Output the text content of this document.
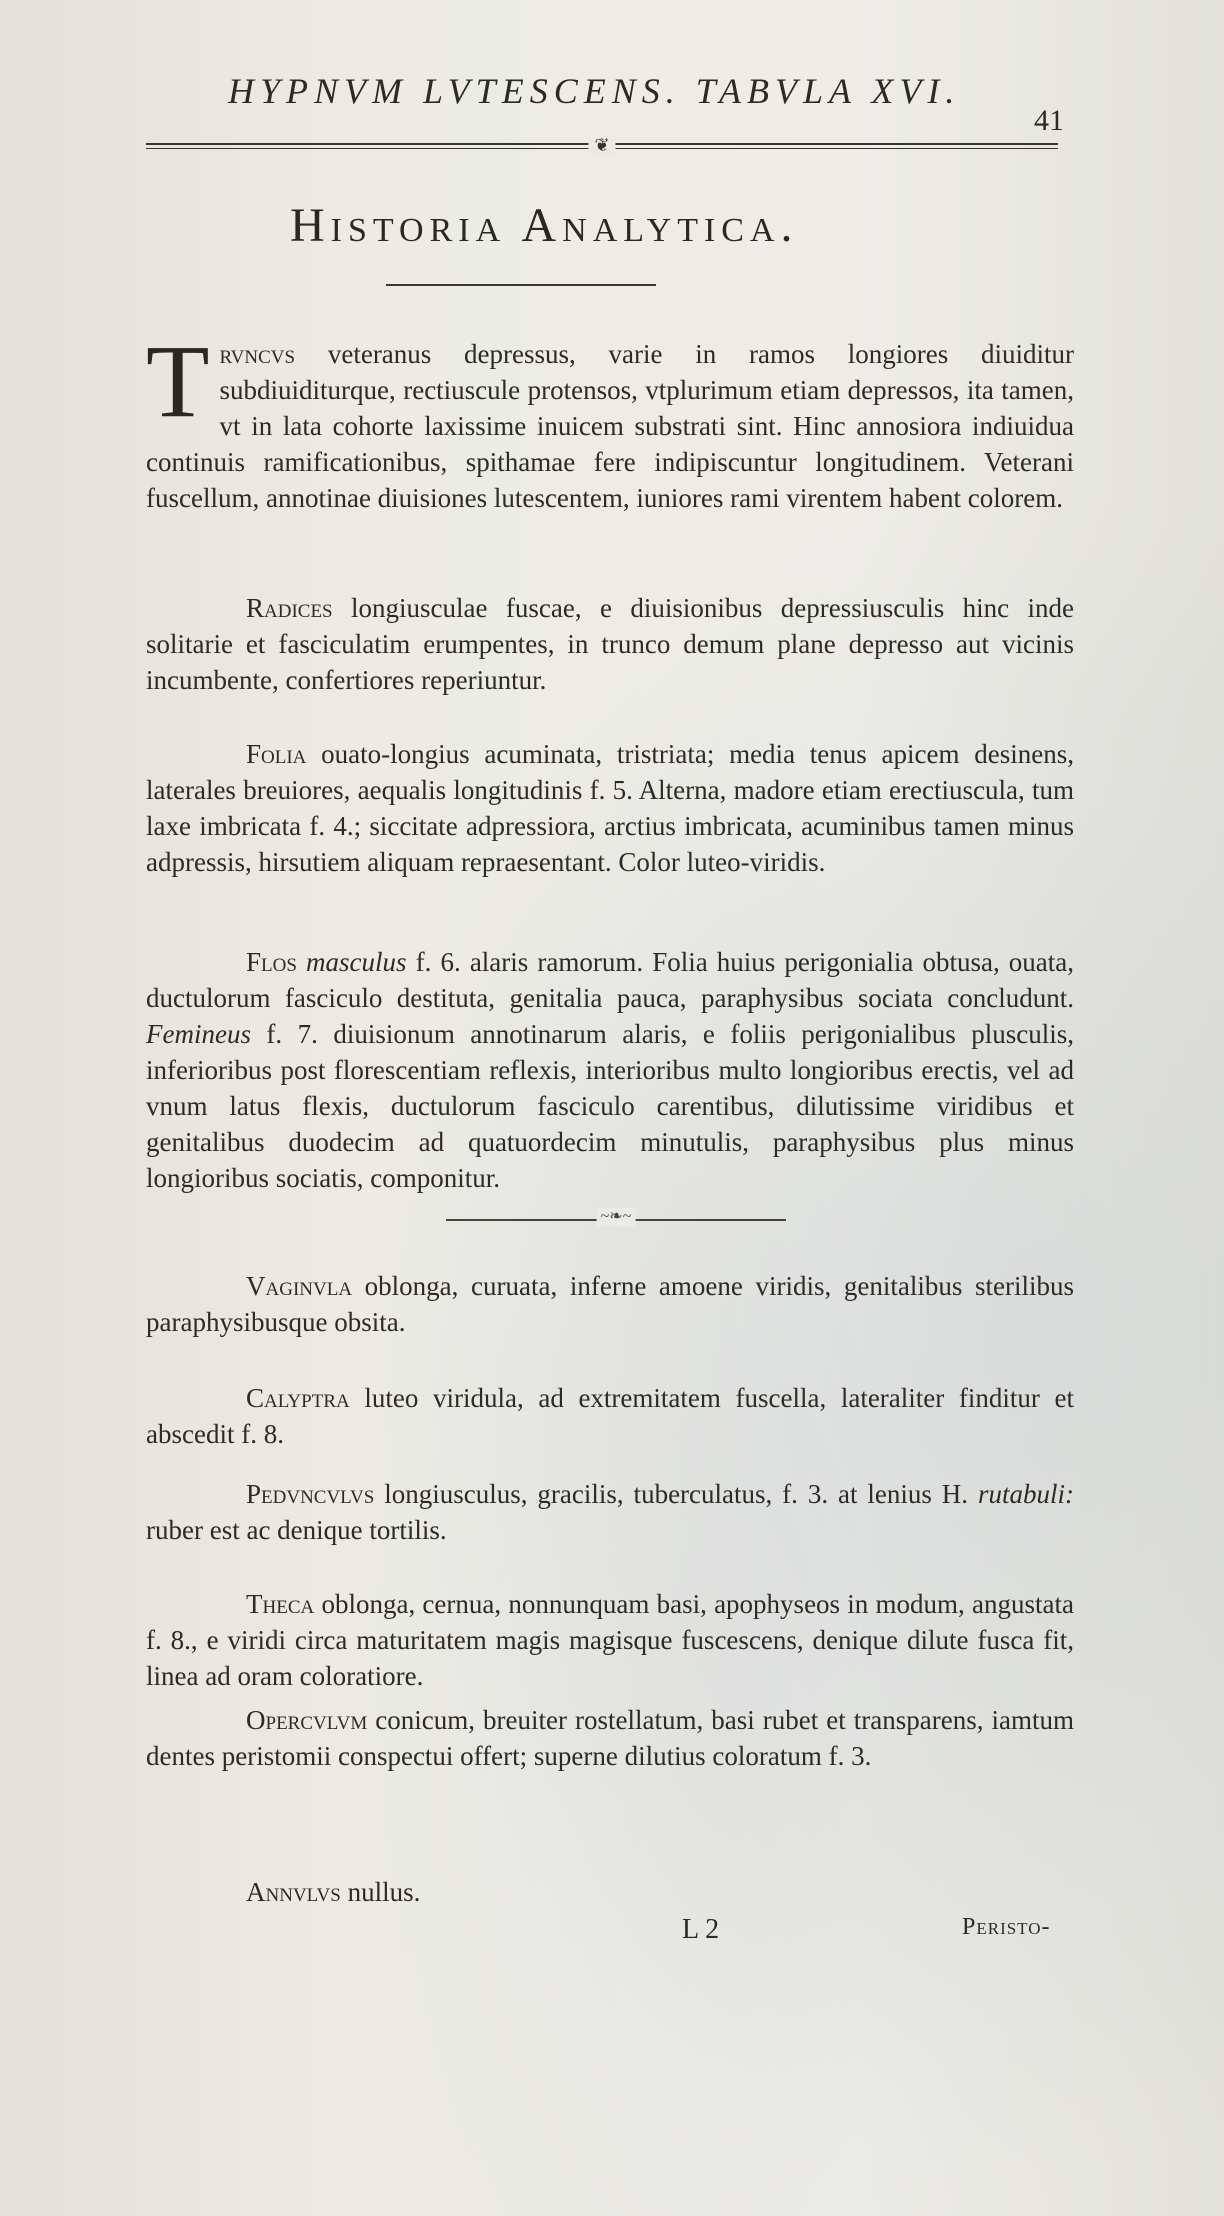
HYPNVM LVTESCENS. TABVLA XVI.
41
❦
Historia Analytica.
Trvncvs veteranus depressus, varie in ramos longiores diuiditur subdiuiditurque, rectiuscule protensos, vtplurimum etiam depressos, ita tamen, vt in lata cohorte laxissime inuicem substrati sint. Hinc annosiora indiuidua continuis ramificationibus, spithamae fere indipiscuntur longitudinem. Veterani fuscellum, annotinae diuisiones lutescentem, iuniores rami virentem habent colorem.
Radices longiusculae fuscae, e diuisionibus depressiusculis hinc inde solitarie et fasciculatim erumpentes, in trunco demum plane depresso aut vicinis incumbente, confertiores reperiuntur.
Folia ouato-longius acuminata, tristriata; media tenus apicem desinens, laterales breuiores, aequalis longitudinis f. 5. Alterna, madore etiam erectiuscula, tum laxe imbricata f. 4.; siccitate adpressiora, arctius imbricata, acuminibus tamen minus adpressis, hirsutiem aliquam repraesentant. Color luteo-viridis.
Flos masculus f. 6. alaris ramorum. Folia huius perigonialia obtusa, ouata, ductulorum fasciculo destituta, genitalia pauca, paraphysibus sociata concludunt. Femineus f. 7. diuisionum annotinarum alaris, e foliis perigonialibus plusculis, inferioribus post florescentiam reflexis, interioribus multo longioribus erectis, vel ad vnum latus flexis, ductulorum fasciculo carentibus, dilutissime viridibus et genitalibus duodecim ad quatuordecim minutulis, paraphysibus plus minus longioribus sociatis, componitur.
~❧~
Vaginvla oblonga, curuata, inferne amoene viridis, genitalibus sterilibus paraphysibusque obsita.
Calyptra luteo viridula, ad extremitatem fuscella, lateraliter finditur et abscedit f. 8.
Pedvncvlvs longiusculus, gracilis, tuberculatus, f. 3. at lenius H. rutabuli: ruber est ac denique tortilis.
Theca oblonga, cernua, nonnunquam basi, apophyseos in modum, angustata f. 8., e viridi circa maturitatem magis magisque fuscescens, denique dilute fusca fit, linea ad oram coloratiore.
Opercvlvm conicum, breuiter rostellatum, basi rubet et transparens, iamtum dentes peristomii conspectui offert; superne dilutius coloratum f. 3.
Annvlvs nullus.
L 2	Peristo-
